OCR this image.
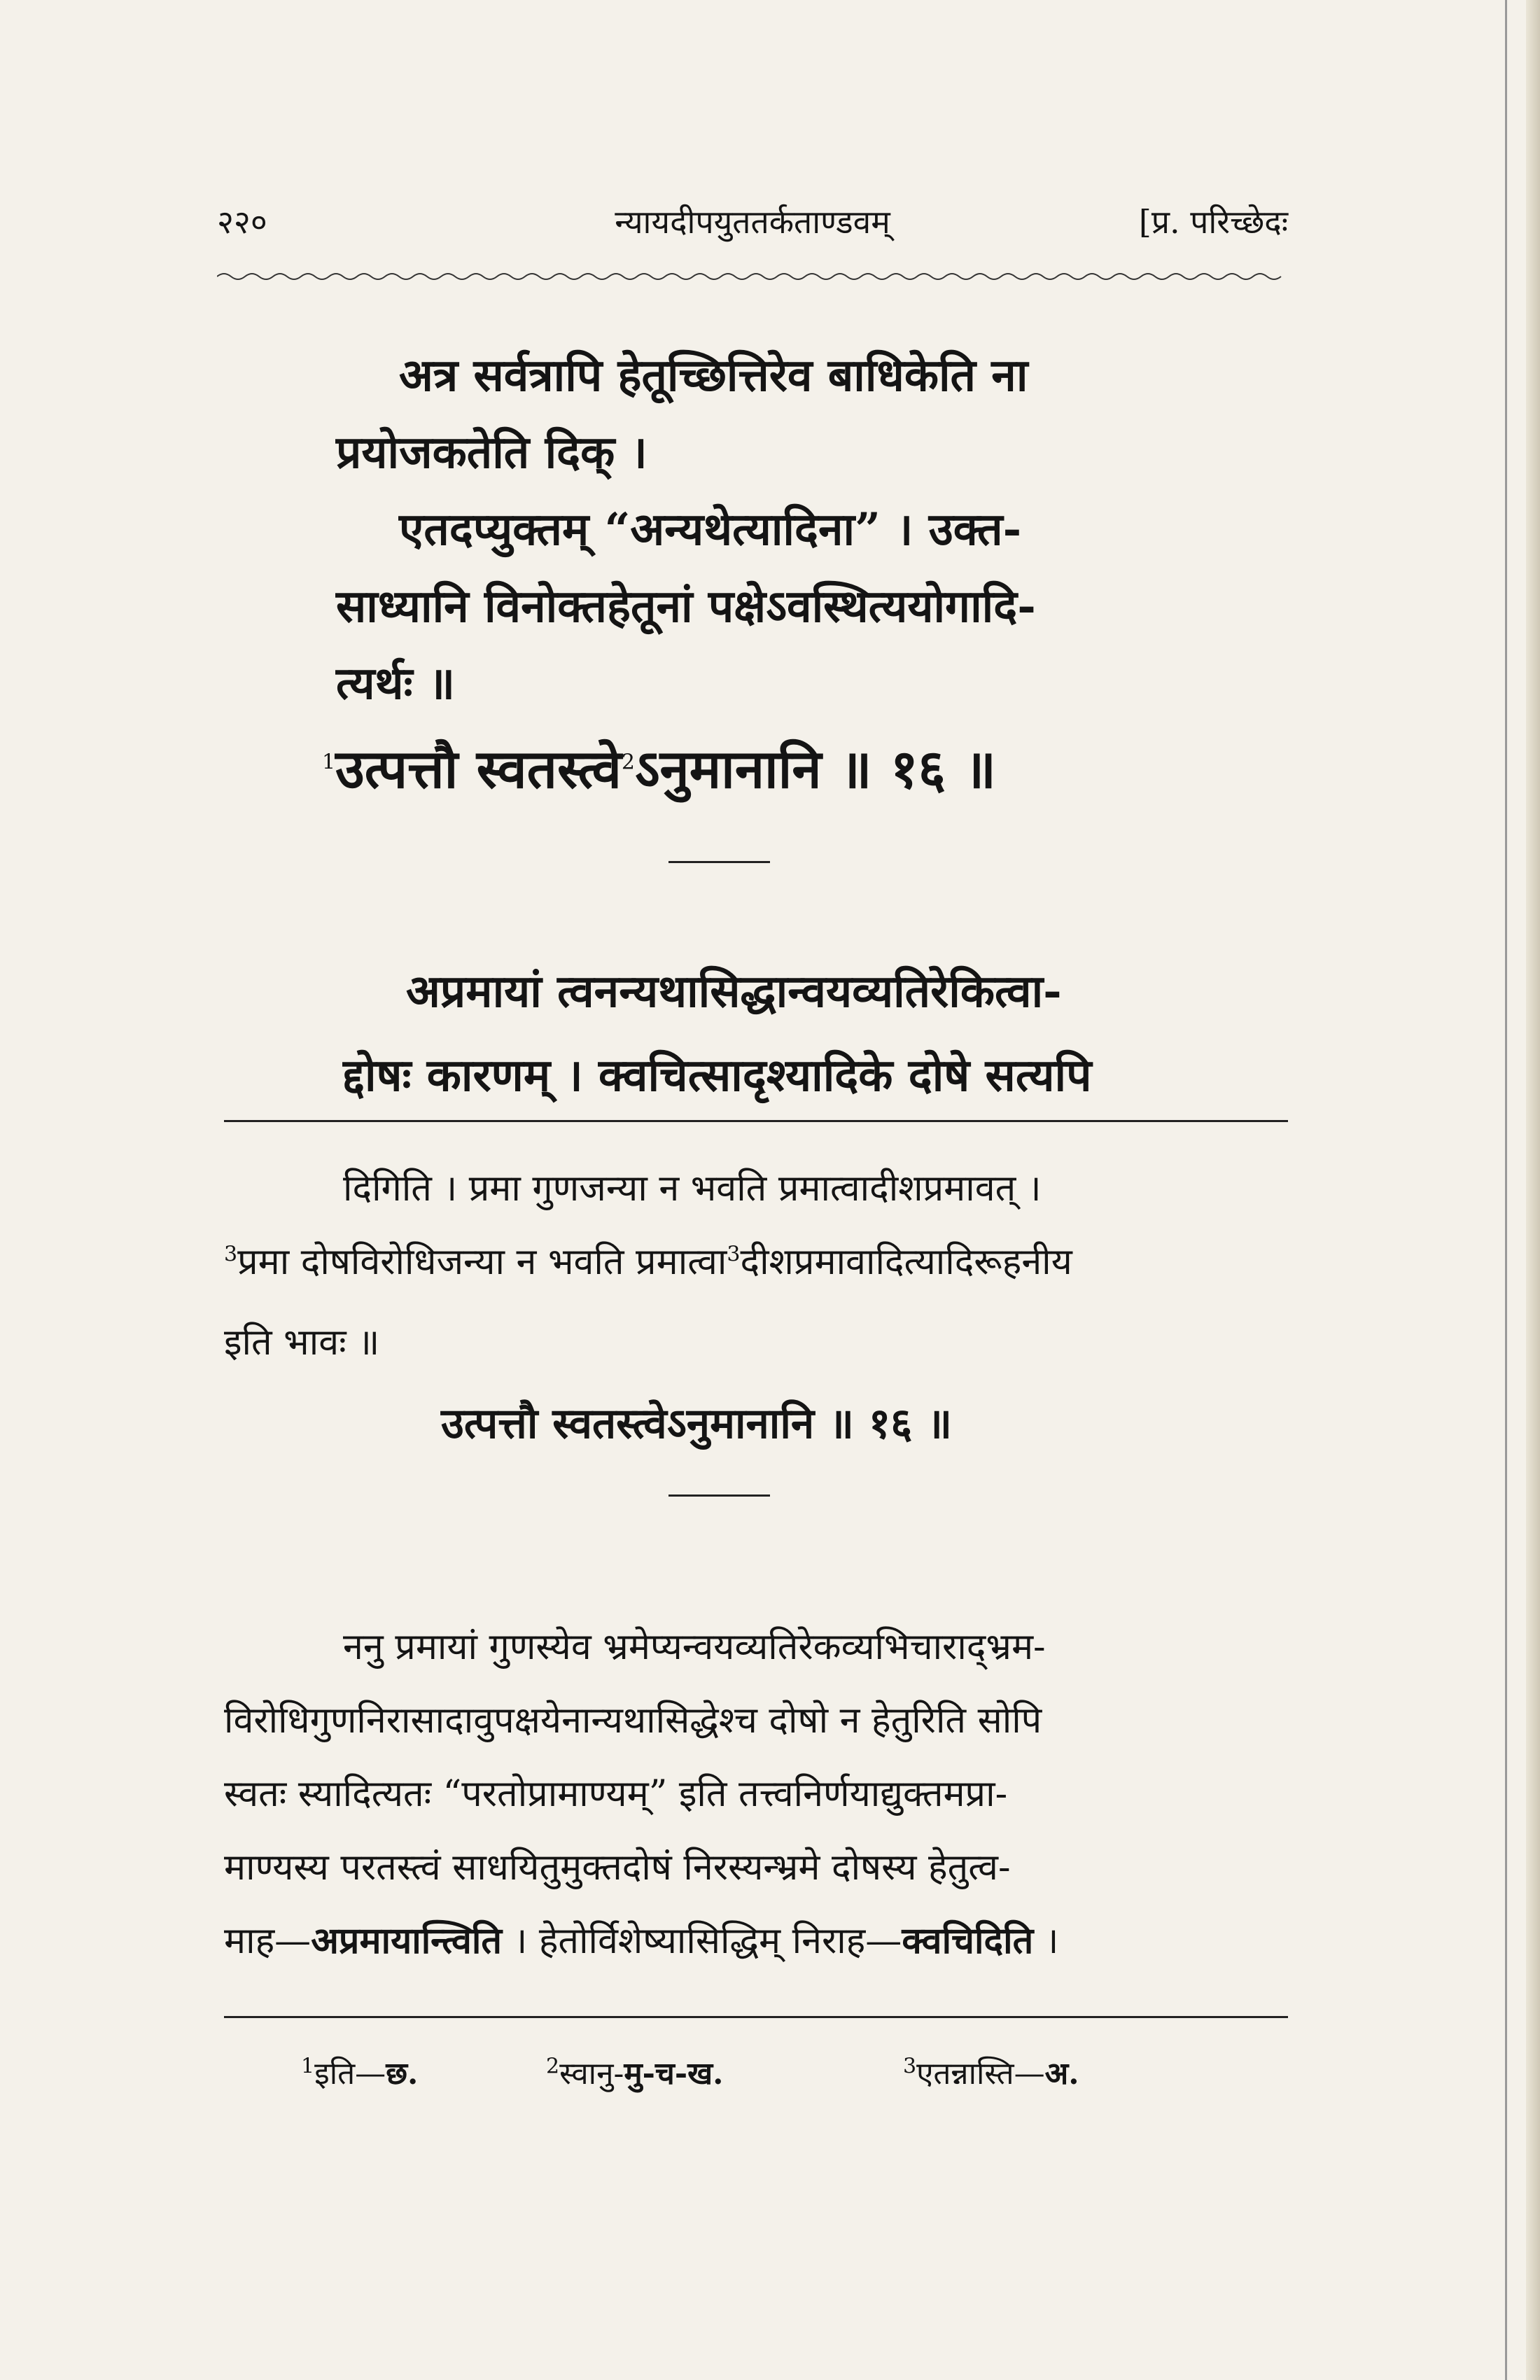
२२०	न्यायदीपयुततर्कताण्डवम्	[प्र. परिच्छेदः
अत्र सर्वत्रापि हेतूच्छित्तिरेव बाधिकेति ना
प्रयोजकतेति दिक् ।
एतदप्युक्तम् “अन्यथेत्यादिना” । उक्त-
साध्यानि विनोक्तहेतूनां पक्षेऽवस्थित्ययोगादि-
त्यर्थः ॥
$^1$उत्पत्तौ स्वतस्त्वे$^2$ऽनुमानानि ॥ १६ ॥
अप्रमायां त्वनन्यथासिद्धान्वयव्यतिरेकित्वा-
द्दोषः कारणम् । क्वचित्सादृश्यादिके दोषे सत्यपि
दिगिति । प्रमा गुणजन्या न भवति प्रमात्वादीशप्रमावत् ।
$^3$प्रमा दोषविरोधिजन्या न भवति प्रमात्वा$^3$दीशप्रमावादित्यादिरूहनीय
इति भावः ॥
उत्पत्तौ स्वतस्त्वेऽनुमानानि ॥ १६ ॥
ननु प्रमायां गुणस्येव भ्रमेप्यन्वयव्यतिरेकव्यभिचाराद्भ्रम-
विरोधिगुणनिरासादावुपक्षयेनान्यथासिद्धेश्च दोषो न हेतुरिति सोपि
स्वतः स्यादित्यतः “परतोप्रामाण्यम्” इति तत्त्वनिर्णयाद्युक्तमप्रा-
माण्यस्य परतस्त्वं साधयितुमुक्तदोषं निरस्यन्भ्रमे दोषस्य हेतुत्व-
माह—अप्रमायान्त्विति । हेतोर्विशेष्यासिद्धिम् निराह—क्वचिदिति ।
$^1$इति—छ.	$^2$स्वानु-मु-च-ख.	$^3$एतन्नास्ति—अ.
